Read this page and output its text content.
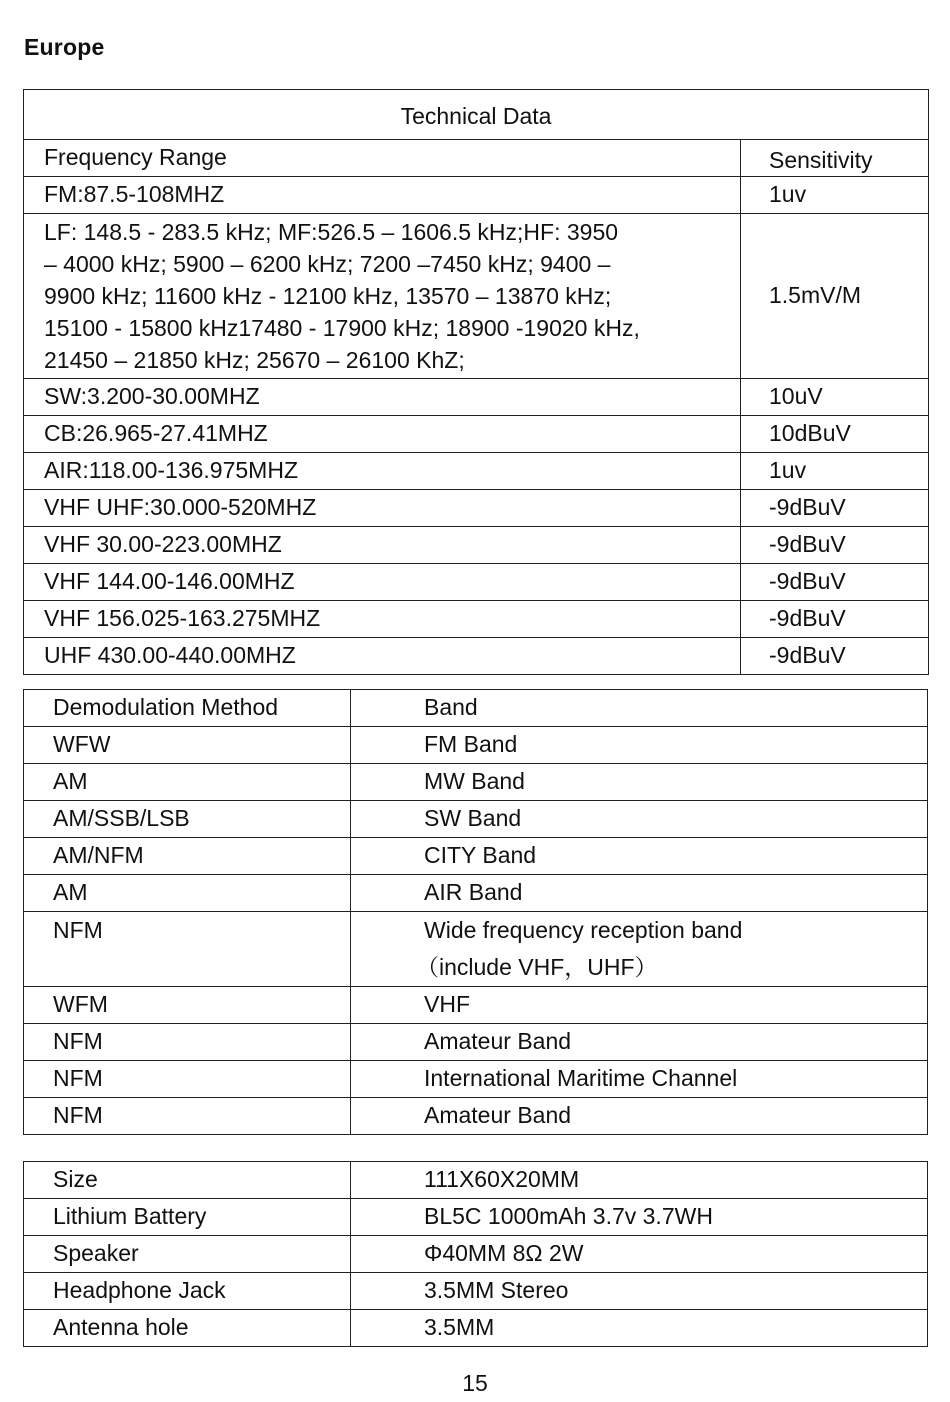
Europe
Technical Data	
Frequency Range	Sensitivity
FM:87.5-108MHZ	1uv

LF: 148.5 - 283.5 kHz; MF:526.5 – 1606.5 kHz;HF: 3950
– 4000 kHz; 5900 – 6200 kHz; 7200 –7450 kHz; 9400 –
9900 kHz; 11600 kHz - 12100 kHz, 13570 – 13870 kHz;
15100 - 15800 kHz17480 - 17900 kHz; 18900 -19020 kHz,
21450 – 21850 kHz; 25670 – 26100 KhZ;	1.5mV/M
SW:3.200-30.00MHZ	10uV
CB:26.965-27.41MHZ	10dBuV
AIR:118.00-136.975MHZ	1uv
VHF UHF:30.000-520MHZ	-9dBuV
VHF 30.00-223.00MHZ	-9dBuV
VHF 144.00-146.00MHZ	-9dBuV
VHF 156.025-163.275MHZ	-9dBuV
UHF 430.00-440.00MHZ	-9dBuV
Demodulation Method	Band
WFW	FM Band
AM	MW Band
AM/SSB/LSB	SW Band
AM/NFM	CITY Band
AM	AIR Band
NFM	Wide frequency reception band
（include VHF，UHF）

WFM	VHF
NFM	Amateur Band
NFM	International Maritime Channel
NFM	Amateur Band
Size	111X60X20MM
Lithium Battery	BL5C 1000mAh 3.7v 3.7WH
Speaker	Φ40MM 8Ω 2W
Headphone Jack	3.5MM Stereo
Antenna hole	3.5MM
15
